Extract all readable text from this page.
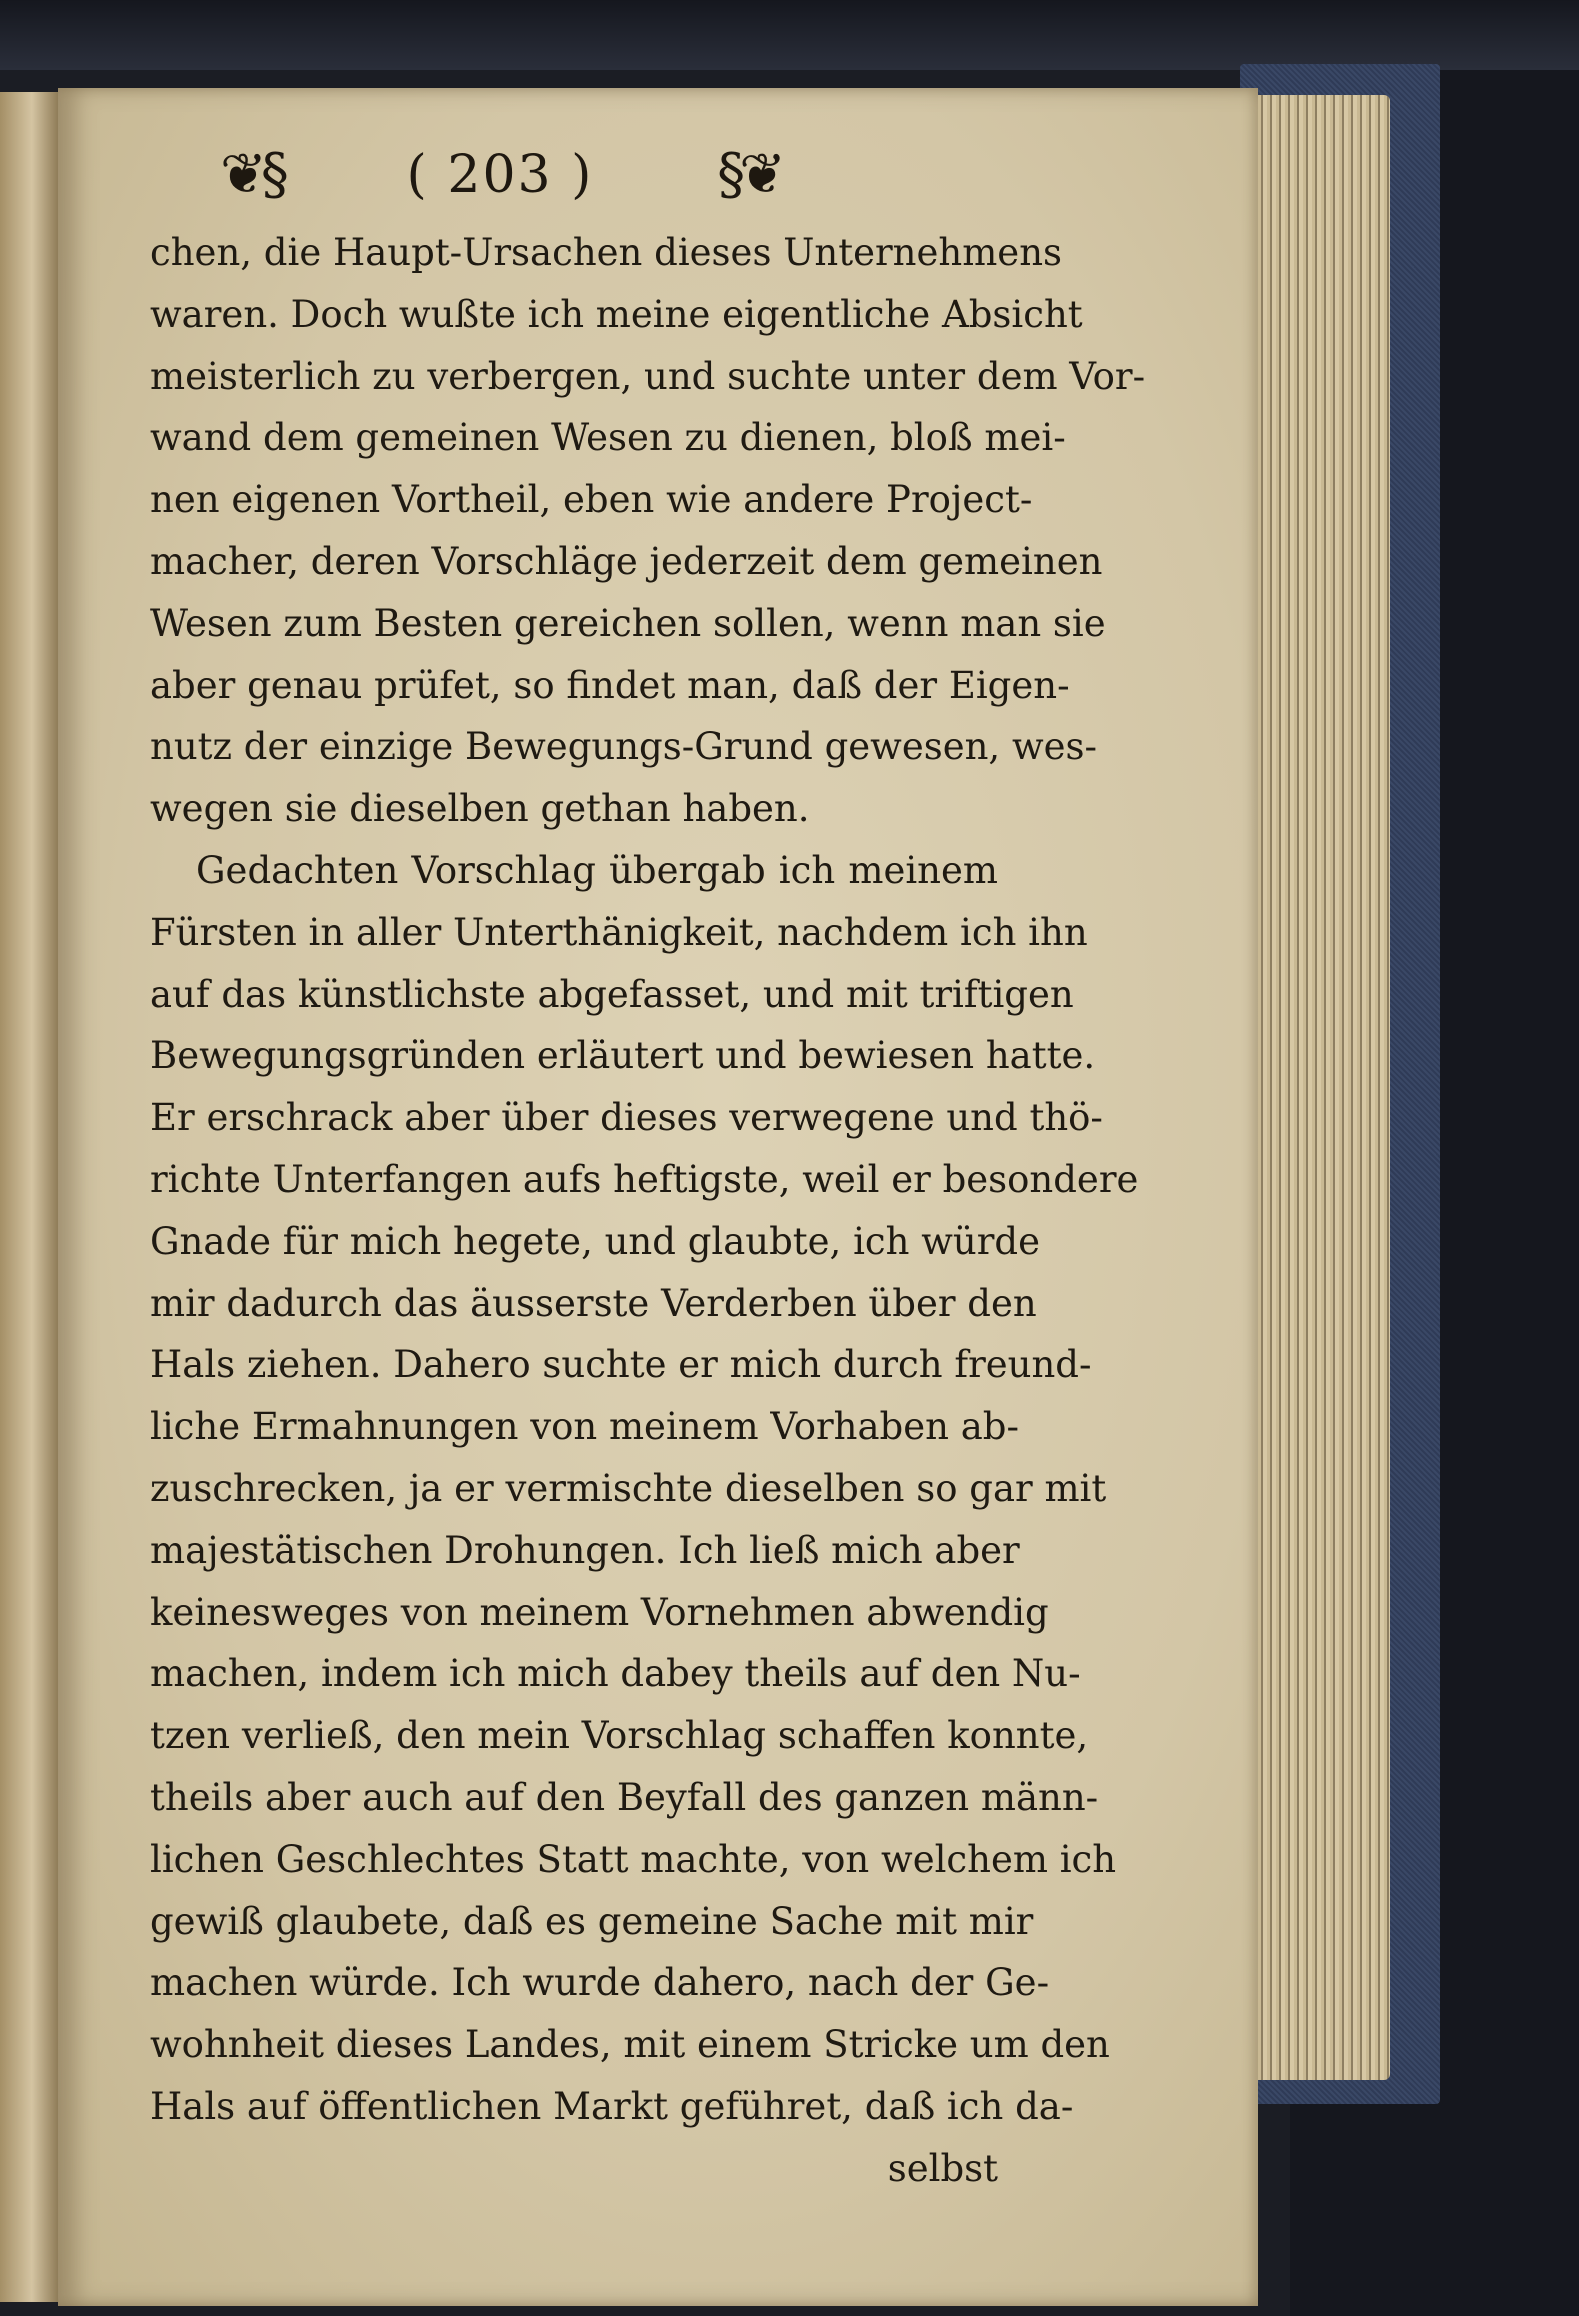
❦§ ( 203 ) §❦
chen, die Haupt-Ursachen dieses Unternehmens
waren. Doch wußte ich meine eigentliche Absicht
meisterlich zu verbergen, und suchte unter dem Vor-
wand dem gemeinen Wesen zu dienen, bloß mei-
nen eigenen Vortheil, eben wie andere Project-
macher, deren Vorschläge jederzeit dem gemeinen
Wesen zum Besten gereichen sollen, wenn man sie
aber genau prüfet, so findet man, daß der Eigen-
nutz der einzige Bewegungs-Grund gewesen, wes-
wegen sie dieselben gethan haben.
Gedachten Vorschlag übergab ich meinem
Fürsten in aller Unterthänigkeit, nachdem ich ihn
auf das künstlichste abgefasset, und mit triftigen
Bewegungsgründen erläutert und bewiesen hatte.
Er erschrack aber über dieses verwegene und thö-
richte Unterfangen aufs heftigste, weil er besondere
Gnade für mich hegete, und glaubte, ich würde
mir dadurch das äusserste Verderben über den
Hals ziehen. Dahero suchte er mich durch freund-
liche Ermahnungen von meinem Vorhaben ab-
zuschrecken, ja er vermischte dieselben so gar mit
majestätischen Drohungen. Ich ließ mich aber
keinesweges von meinem Vornehmen abwendig
machen, indem ich mich dabey theils auf den Nu-
tzen verließ, den mein Vorschlag schaffen konnte,
theils aber auch auf den Beyfall des ganzen männ-
lichen Geschlechtes Statt machte, von welchem ich
gewiß glaubete, daß es gemeine Sache mit mir
machen würde. Ich wurde dahero, nach der Ge-
wohnheit dieses Landes, mit einem Stricke um den
Hals auf öffentlichen Markt geführet, daß ich da-
selbst
